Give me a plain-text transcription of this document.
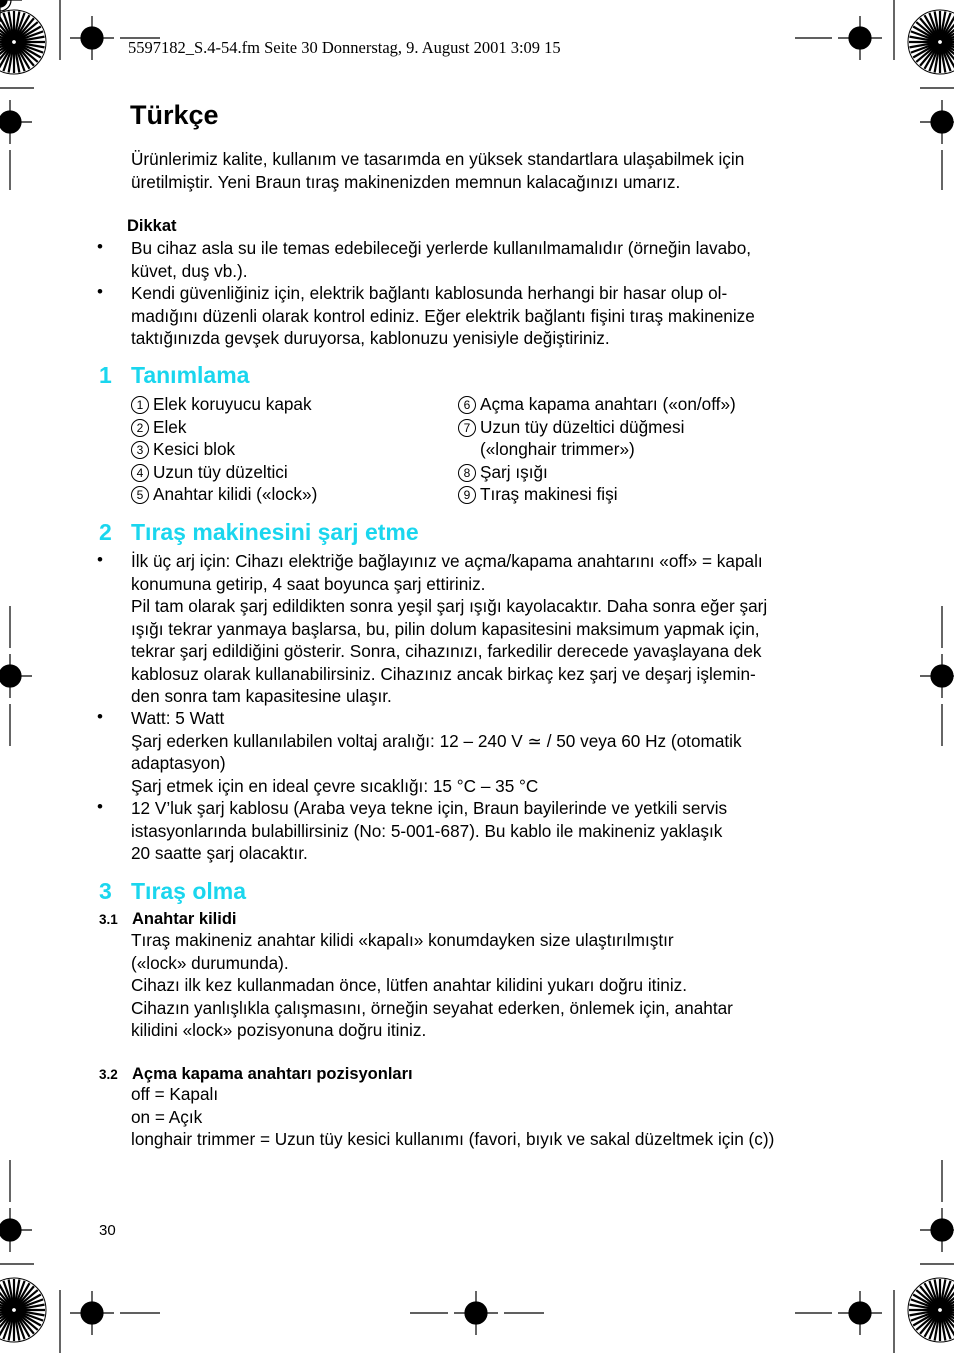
5597182_S.4-54.fm Seite 30 Donnerstag, 9. August 2001 3:09 15
Türkçe
Ürünlerimiz kalite, kullanım ve tasarımda en yüksek standartlara ulaşabilmek için
üretilmiştir. Yeni Braun tıraş makinenizden memnun kalacağınızı umarız.
Dikkat
• Bu cihaz asla su ile temas edebileceği yerlerde kullanılmamalıdır (örneğin lavabo,
küvet, duş vb.).
• Kendi güvenliğiniz için, elektrik bağlantı kablosunda herhangi bir hasar olup ol-
madığını düzenli olarak kontrol ediniz. Eğer elektrik bağlantı fişini tıraş makinenize
taktığınızda gevşek duruyorsa, kablonuzu yenisiyle değiştiriniz.
1 Tanımlama
1 Elek koruyucu kapak
2 Elek
3 Kesici blok
4 Uzun tüy düzeltici
5 Anahtar kilidi («lock»)
6 Açma kapama anahtarı («on/off»)
7 Uzun tüy düzeltici düğmesi
(«longhair trimmer»)
8 Şarj ışığı
9 Tıraş makinesi fişi
2 Tıraş makinesini şarj etme
• İlk üç arj için: Cihazı elektriğe bağlayınız ve açma/kapama anahtarını «off» = kapalı
konumuna getirip, 4 saat boyunca şarj ettiriniz.
Pil tam olarak şarj edildikten sonra yeşil şarj ışığı kayolacaktır. Daha sonra eğer şarj
ışığı tekrar yanmaya başlarsa, bu, pilin dolum kapasitesini maksimum yapmak için,
tekrar şarj edildiğini gösterir. Sonra, cihazınızı, farkedilir derecede yavaşlayana dek
kablosuz olarak kullanabilirsiniz. Cihazınız ancak birkaç kez şarj ve deşarj işlemin-
den sonra tam kapasitesine ulaşır.
• Watt: 5 Watt
Şarj ederken kullanılabilen voltaj aralığı: 12 – 240 V ≃ / 50 veya 60 Hz (otomatik
adaptasyon)
Şarj etmek için en ideal çevre sıcaklığı: 15 °C – 35 °C
• 12 V’luk şarj kablosu (Araba veya tekne için, Braun bayilerinde ve yetkili servis
istasyonlarında bulabillirsiniz (No: 5-001-687). Bu kablo ile makineniz yaklaşık
20 saatte şarj olacaktır.
3 Tıraş olma
3.1 Anahtar kilidi
Tıraş makineniz anahtar kilidi «kapalı» konumdayken size ulaştırılmıştır
(«lock» durumunda).
Cihazı ilk kez kullanmadan önce, lütfen anahtar kilidini yukarı doğru itiniz.
Cihazın yanlışlıkla çalışmasını, örneğin seyahat ederken, önlemek için, anahtar
kilidini «lock» pozisyonuna doğru itiniz.
3.2 Açma kapama anahtarı pozisyonları
off = Kapalı
on = Açık
longhair trimmer = Uzun tüy kesici kullanımı (favori, bıyık ve sakal düzeltmek için (c))
30
